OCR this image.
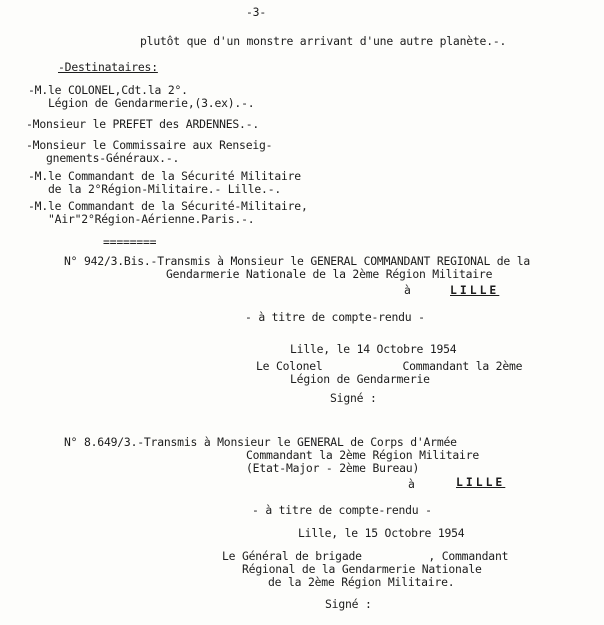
-3-
plutôt que d'un monstre arrivant d'une autre planète.-.
-Destinataires:
-M.le COLONEL,Cdt.la 2°.
Légion de Gendarmerie,(3.ex).-.
-Monsieur le PREFET des ARDENNES.-.
-Monsieur le Commissaire aux Renseig-
gnements-Généraux.-.
-M.le Commandant de la Sécurité Militaire
de la 2°Région-Militaire.- Lille.-.
-M.le Commandant de la Sécurité-Militaire,
"Air"2°Région-Aérienne.Paris.-.
========
N° 942/3.Bis.-Transmis à Monsieur le GENERAL COMMANDANT REGIONAL de la
Gendarmerie Nationale de la 2ème Région Militaire
à	LILLE
- à titre de compte-rendu -
Lille, le 14 Octobre 1954
Le Colonel            Commandant la 2ème
Légion de Gendarmerie
Signé :
N° 8.649/3.-Transmis à Monsieur le GENERAL de Corps d'Armée
Commandant la 2ème Région Militaire
(Etat-Major - 2ème Bureau)
à	LILLE
- à titre de compte-rendu -
Lille, le 15 Octobre 1954
Le Général de brigade          , Commandant
Régional de la Gendarmerie Nationale
de la 2ème Région Militaire.
Signé :
